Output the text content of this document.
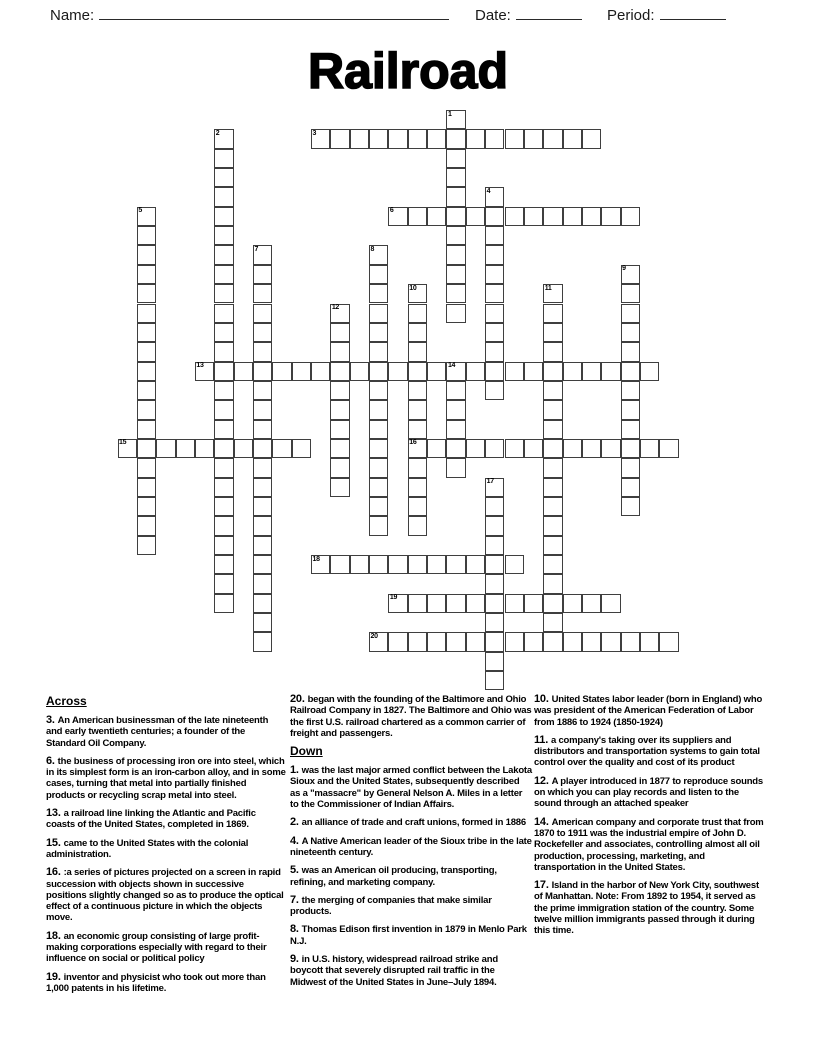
Name:	Date:	Period:
Railroad
1
2	3
4
5	6
7	8
9
10
16
11
12
13	14
15
17
18
19
20
Across

3. An American businessman of the late nineteenth and early twentieth centuries; a founder of the Standard Oil Company.

6. the business of processing iron ore into steel, which in its simplest form is an iron-carbon alloy, and in some cases, turning that metal into partially finished products or recycling scrap metal into steel.

13. a railroad line linking the Atlantic and Pacific coasts of the United States, completed in 1869.

15. came to the United States with the colonial administration.

16. :a series of pictures projected on a screen in rapid succession with objects shown in successive positions slightly changed so as to produce the optical effect of a continuous picture in which the objects move.

18. an economic group consisting of large profit-making corporations especially with regard to their influence on social or political policy

19. inventor and physicist who took out more than 1,000 patents in his lifetime.

20. began with the founding of the Baltimore and Ohio Railroad Company in 1827. The Baltimore and Ohio was the first U.S. railroad chartered as a common carrier of freight and passengers.

Down

1. was the last major armed conflict between the Lakota Sioux and the United States, subsequently described as a "massacre" by General Nelson A. Miles in a letter to the Commissioner of Indian Affairs.

2. an alliance of trade and craft unions, formed in 1886

4. A Native American leader of the Sioux tribe in the late nineteenth century.

5. was an American oil producing, transporting, refining, and marketing company.

7. the merging of companies that make similar products.

8. Thomas Edison first invention in 1879 in Menlo Park N.J.

9. in U.S. history, widespread railroad strike and boycott that severely disrupted rail traffic in the Midwest of the United States in June–July 1894.

10. United States labor leader (born in England) who was president of the American Federation of Labor from 1886 to 1924 (1850-1924)

11. a company's taking over its suppliers and distributors and transportation systems to gain total control over the quality and cost of its product

12. A player introduced in 1877 to reproduce sounds on which you can play records and listen to the sound through an attached speaker

14. American company and corporate trust that from 1870 to 1911 was the industrial empire of John D. Rockefeller and associates, controlling almost all oil production, processing, marketing, and transportation in the United States.

17. Island in the harbor of New York City, southwest of Manhattan. Note: From 1892 to 1954, it served as the prime immigration station of the country. Some twelve million immigrants passed through it during this time.
